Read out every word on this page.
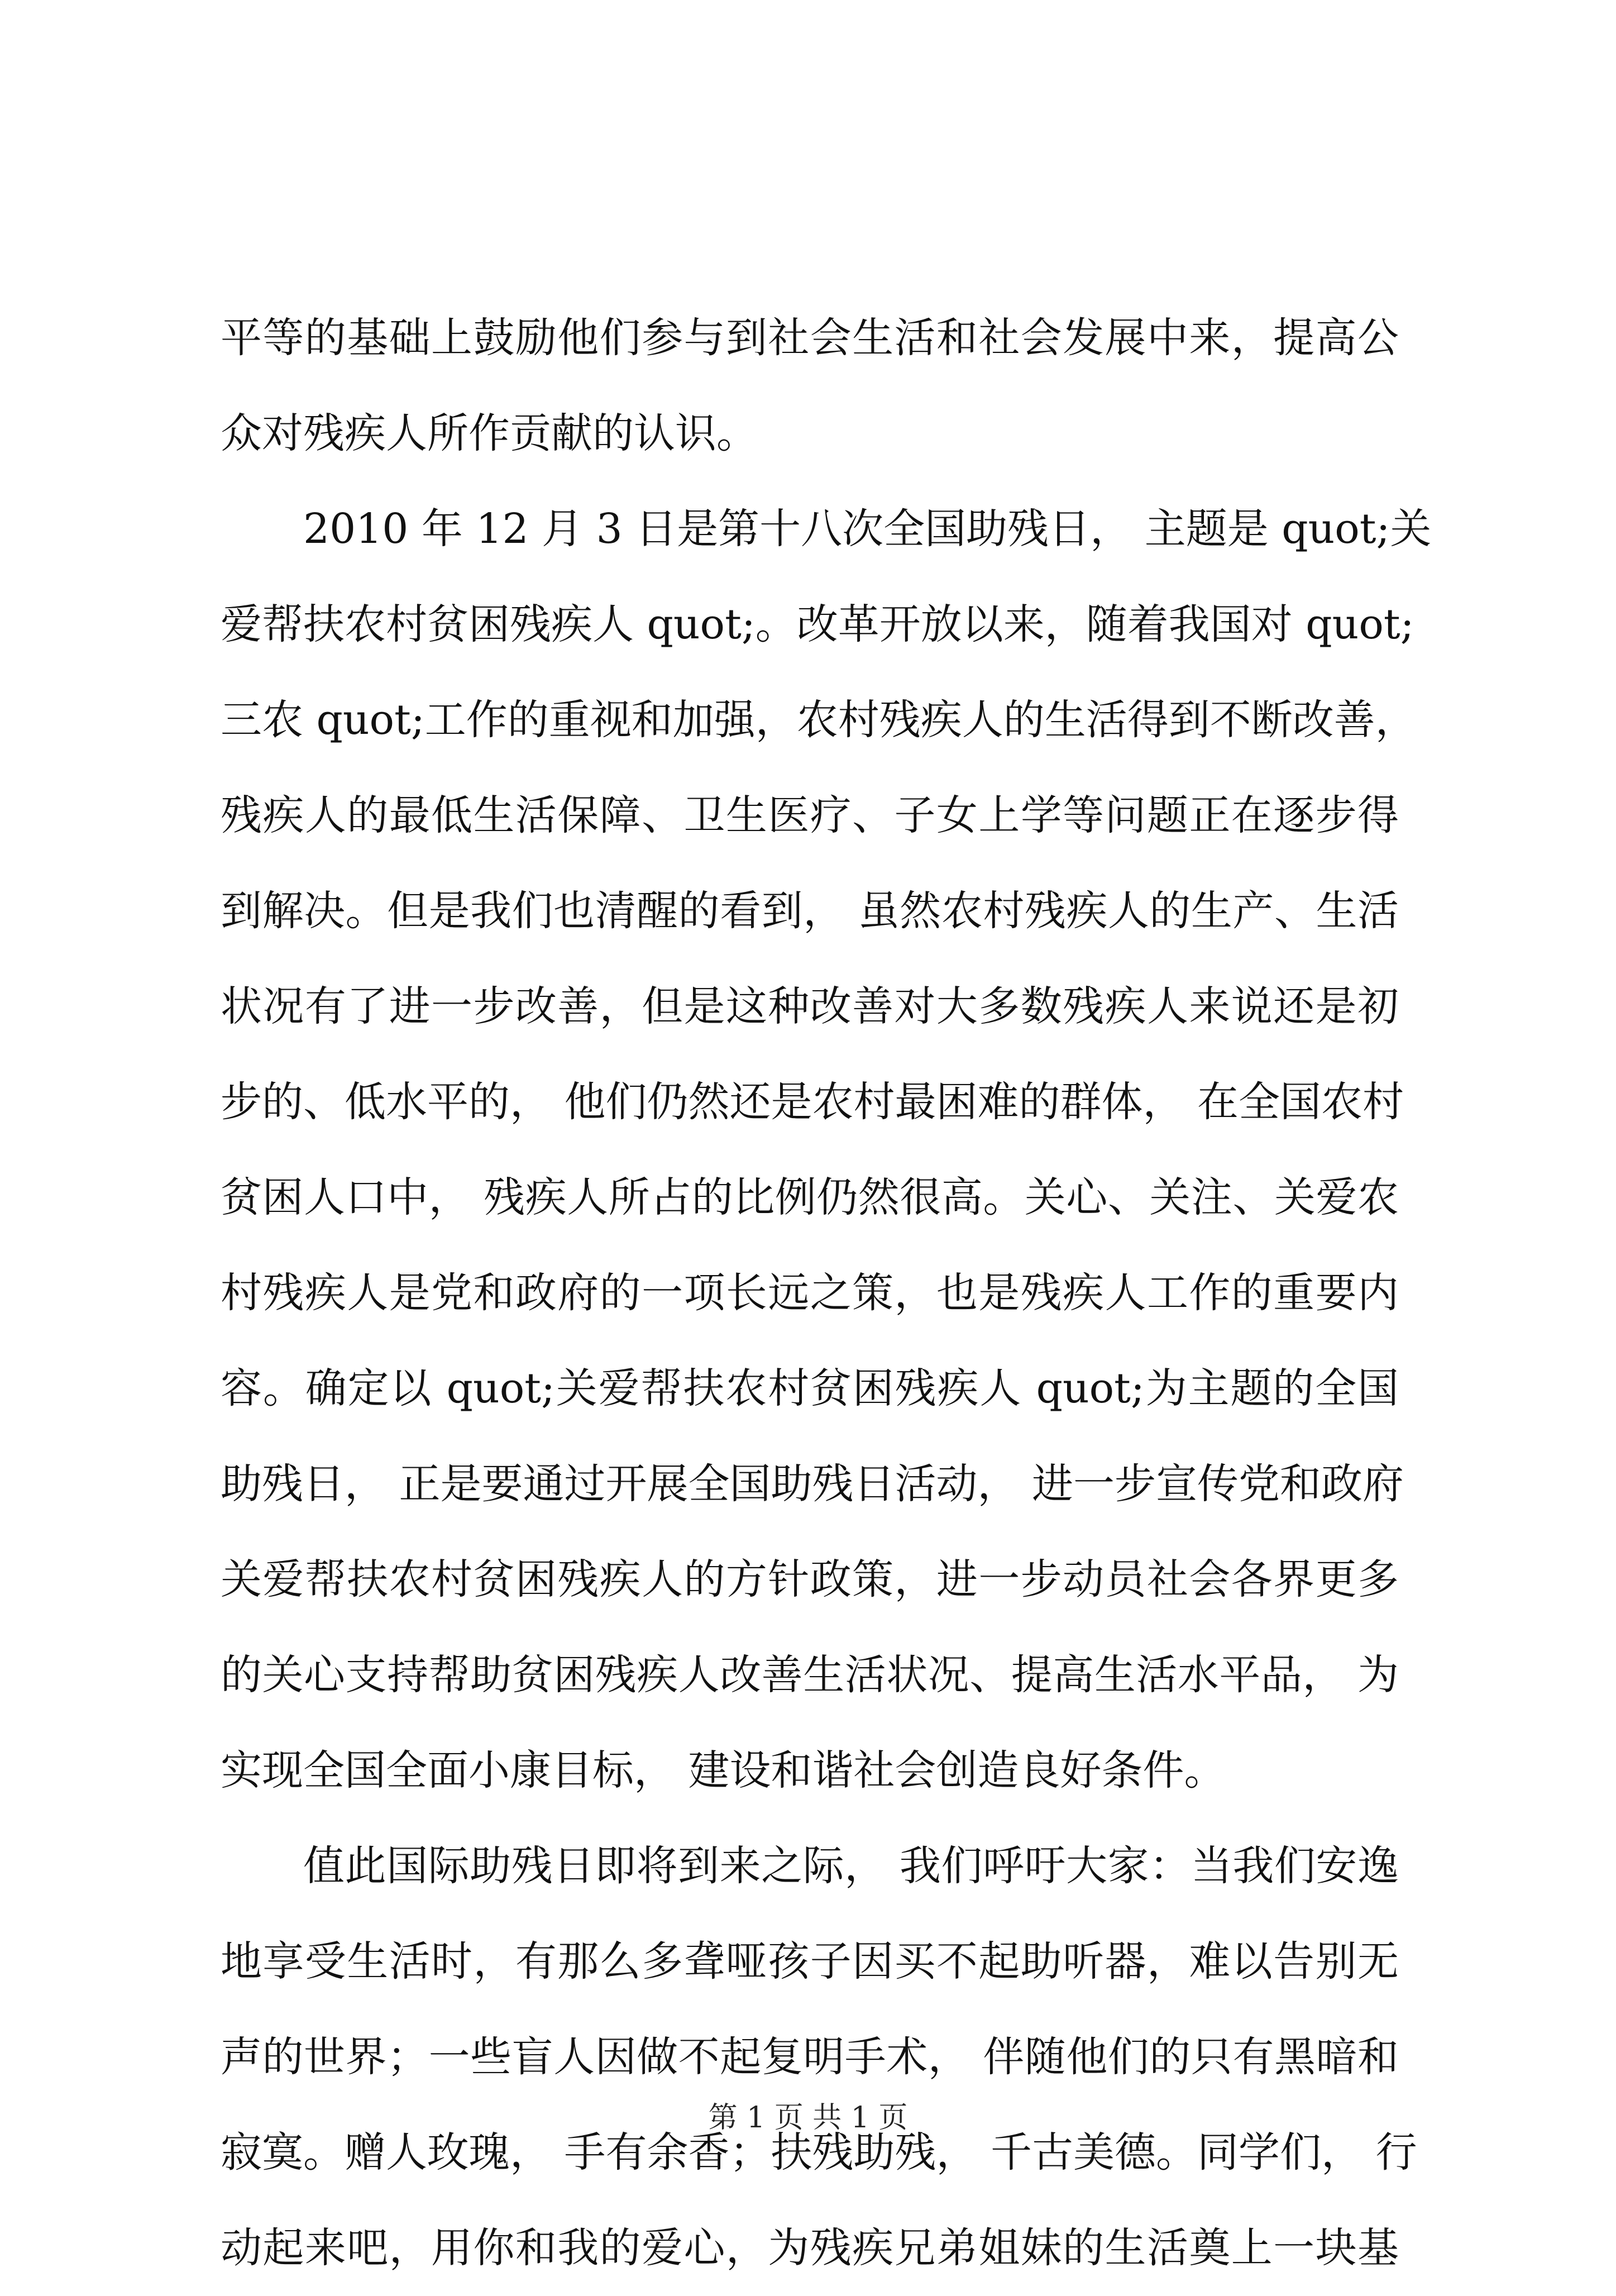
平等的基础上鼓励他们参与到社会生活和社会发展中来，提高公
众对残疾人所作贡献的认识。
2010 年 12 月 3 日是第十八次全国助残日， 主题是 quot;关
爱帮扶农村贫困残疾人 quot;。改革开放以来，随着我国对 quot;
三农 quot;工作的重视和加强，农村残疾人的生活得到不断改善，
残疾人的最低生活保障、卫生医疗、子女上学等问题正在逐步得
到解决。但是我们也清醒的看到， 虽然农村残疾人的生产、生活
状况有了进一步改善，但是这种改善对大多数残疾人来说还是初
步的、低水平的， 他们仍然还是农村最困难的群体， 在全国农村
贫困人口中， 残疾人所占的比例仍然很高。关心、关注、关爱农
村残疾人是党和政府的一项长远之策，也是残疾人工作的重要内
容。确定以 quot;关爱帮扶农村贫困残疾人 quot;为主题的全国
助残日， 正是要通过开展全国助残日活动， 进一步宣传党和政府
关爱帮扶农村贫困残疾人的方针政策，进一步动员社会各界更多
的关心支持帮助贫困残疾人改善生活状况、提高生活水平品， 为
实现全国全面小康目标， 建设和谐社会创造良好条件。
值此国际助残日即将到来之际， 我们呼吁大家：当我们安逸
地享受生活时，有那么多聋哑孩子因买不起助听器，难以告别无
声的世界；一些盲人因做不起复明手术， 伴随他们的只有黑暗和
寂寞。赠人玫瑰， 手有余香；扶残助残， 千古美德。同学们， 行
动起来吧，用你和我的爱心，为残疾兄弟姐妹的生活奠上一块基
第 1 页 共 1 页
